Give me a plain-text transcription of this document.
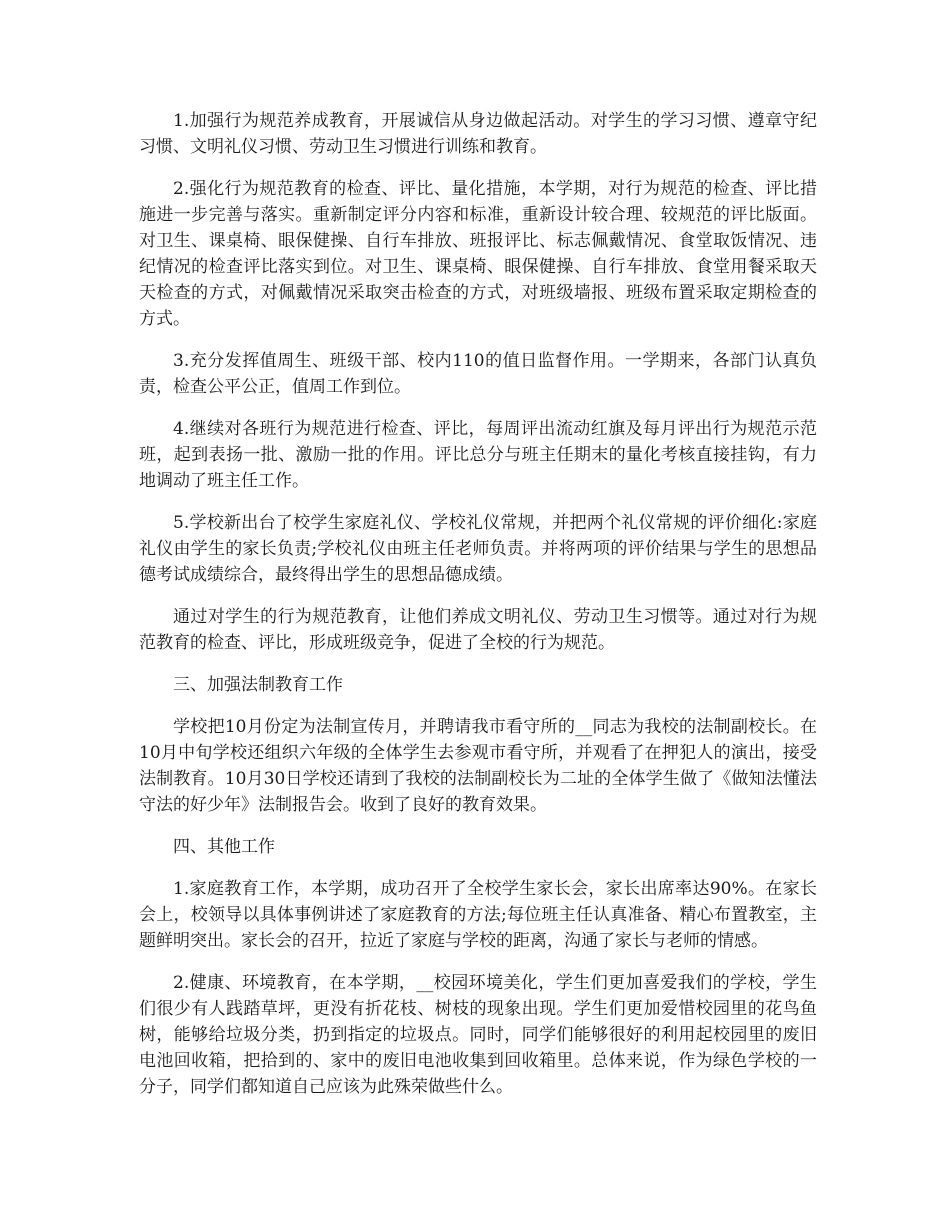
1.加强行为规范养成教育，开展诚信从身边做起活动。对学生的学习习惯、遵章守纪习惯、文明礼仪习惯、劳动卫生习惯进行训练和教育。

2.强化行为规范教育的检查、评比、量化措施，本学期，对行为规范的检查、评比措施进一步完善与落实。重新制定评分内容和标准，重新设计较合理、较规范的评比版面。对卫生、课桌椅、眼保健操、自行车排放、班报评比、标志佩戴情况、食堂取饭情况、违纪情况的检查评比落实到位。对卫生、课桌椅、眼保健操、自行车排放、食堂用餐采取天天检查的方式，对佩戴情况采取突击检查的方式，对班级墙报、班级布置采取定期检查的方式。

3.充分发挥值周生、班级干部、校内110的值日监督作用。一学期来，各部门认真负责，检查公平公正，值周工作到位。

4.继续对各班行为规范进行检查、评比，每周评出流动红旗及每月评出行为规范示范班，起到表扬一批、激励一批的作用。评比总分与班主任期末的量化考核直接挂钩，有力地调动了班主任工作。

5.学校新出台了校学生家庭礼仪、学校礼仪常规，并把两个礼仪常规的评价细化:家庭礼仪由学生的家长负责;学校礼仪由班主任老师负责。并将两项的评价结果与学生的思想品德考试成绩综合，最终得出学生的思想品德成绩。

通过对学生的行为规范教育，让他们养成文明礼仪、劳动卫生习惯等。通过对行为规范教育的检查、评比，形成班级竞争，促进了全校的行为规范。

三、加强法制教育工作

学校把10月份定为法制宣传月，并聘请我市看守所的__同志为我校的法制副校长。在10月中旬学校还组织六年级的全体学生去参观市看守所，并观看了在押犯人的演出，接受法制教育。10月30日学校还请到了我校的法制副校长为二址的全体学生做了《做知法懂法守法的好少年》法制报告会。收到了良好的教育效果。

四、其他工作

1.家庭教育工作，本学期，成功召开了全校学生家长会，家长出席率达90%。在家长会上，校领导以具体事例讲述了家庭教育的方法;每位班主任认真准备、精心布置教室，主题鲜明突出。家长会的召开，拉近了家庭与学校的距离，沟通了家长与老师的情感。

2.健康、环境教育，在本学期，__校园环境美化，学生们更加喜爱我们的学校，学生们很少有人践踏草坪，更没有折花枝、树枝的现象出现。学生们更加爱惜校园里的花鸟鱼树，能够给垃圾分类，扔到指定的垃圾点。同时，同学们能够很好的利用起校园里的废旧电池回收箱，把拾到的、家中的废旧电池收集到回收箱里。总体来说，作为绿色学校的一分子，同学们都知道自己应该为此殊荣做些什么。
